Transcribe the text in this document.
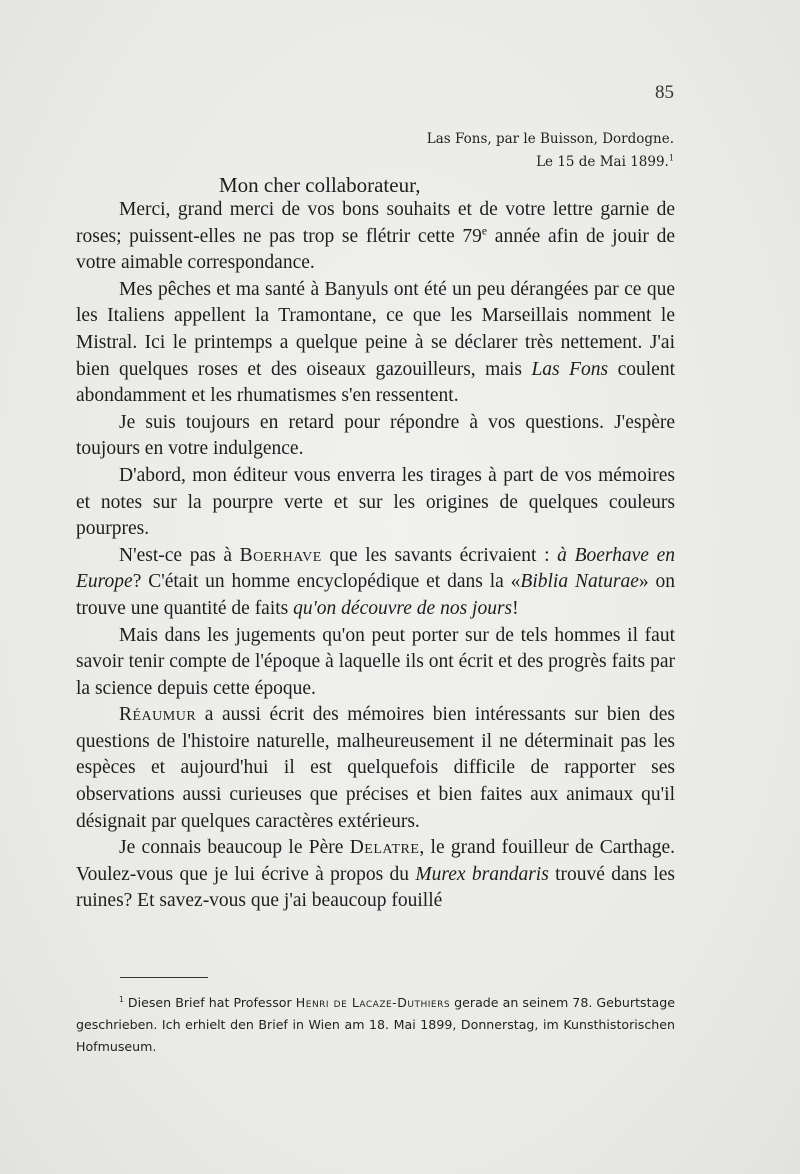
85
Las Fons, par le Buisson, Dordogne.
Le 15 de Mai 1899.$^1$
Mon cher collaborateur,

Merci, grand merci de vos bons souhaits et de votre lettre garnie de roses; puissent-elles ne pas trop se flétrir cette 79e année afin de jouir de votre aimable correspondance.

Mes pêches et ma santé à Banyuls ont été un peu dérangées par ce que les Italiens appellent la Tramontane, ce que les Marseillais nomment le Mistral. Ici le printemps a quelque peine à se déclarer très nettement. J'ai bien quelques roses et des oiseaux gazouilleurs, mais Las Fons coulent abondamment et les rhumatismes s'en ressentent.

Je suis toujours en retard pour répondre à vos questions. J'espère toujours en votre indulgence.

D'abord, mon éditeur vous enverra les tirages à part de vos mémoires et notes sur la pourpre verte et sur les origines de quelques couleurs pourpres.

N'est-ce pas à Boerhave que les savants écrivaient : à Boerhave en Europe? C'était un homme encyclopédique et dans la «Biblia Naturae» on trouve une quantité de faits qu'on découvre de nos jours!

Mais dans les jugements qu'on peut porter sur de tels hommes il faut savoir tenir compte de l'époque à laquelle ils ont écrit et des progrès faits par la science depuis cette époque.

Réaumur a aussi écrit des mémoires bien intéressants sur bien des questions de l'histoire naturelle, malheureusement il ne déterminait pas les espèces et aujourd'hui il est quelquefois difficile de rapporter ses observations aussi curieuses que précises et bien faites aux animaux qu'il désignait par quelques caractères extérieurs.

Je connais beaucoup le Père Delatre, le grand fouilleur de Carthage. Voulez-vous que je lui écrive à propos du Murex brandaris trouvé dans les ruines? Et savez-vous que j'ai beaucoup fouillé

$^1$ Diesen Brief hat Professor Henri de Lacaze-Duthiers gerade an seinem 78. Geburtstage geschrieben. Ich erhielt den Brief in Wien am 18. Mai 1899, Donnerstag, im Kunsthistorischen Hofmuseum.
